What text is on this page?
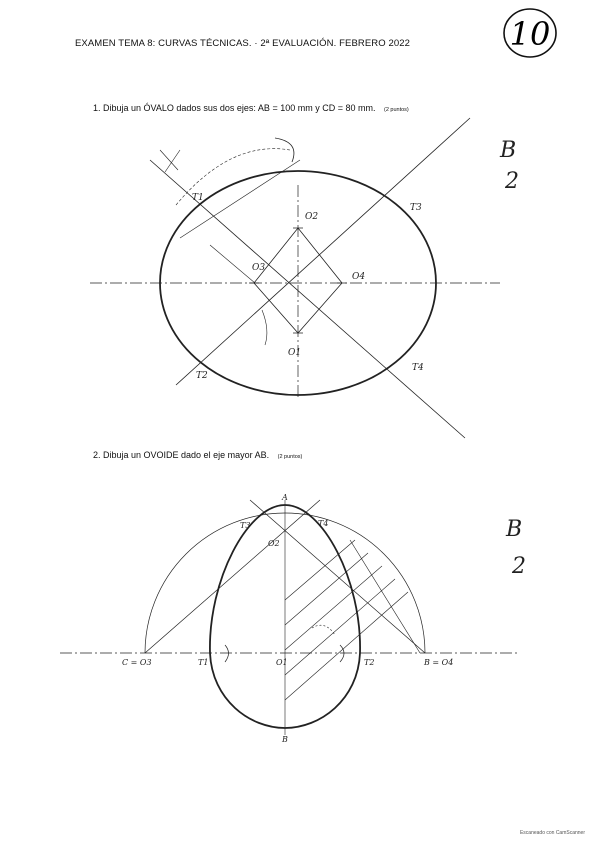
EXAMEN TEMA 8: CURVAS TÉCNICAS. · 2ª EVALUACIÓN. FEBRERO 2022
1. Dibuja un ÓVALO dados sus dos ejes: AB = 100 mm y CD = 80 mm. (2 puntos)
2. Dibuja un OVOIDE dado el eje mayor AB. (2 puntos)
Escaneado con CamScanner
10
O2
O3
O4
O1
T1
T3
T2
T4
B
2
A
B
T3	T4
O2
O1
T1	T2
C = O3	B = O4
B
2
